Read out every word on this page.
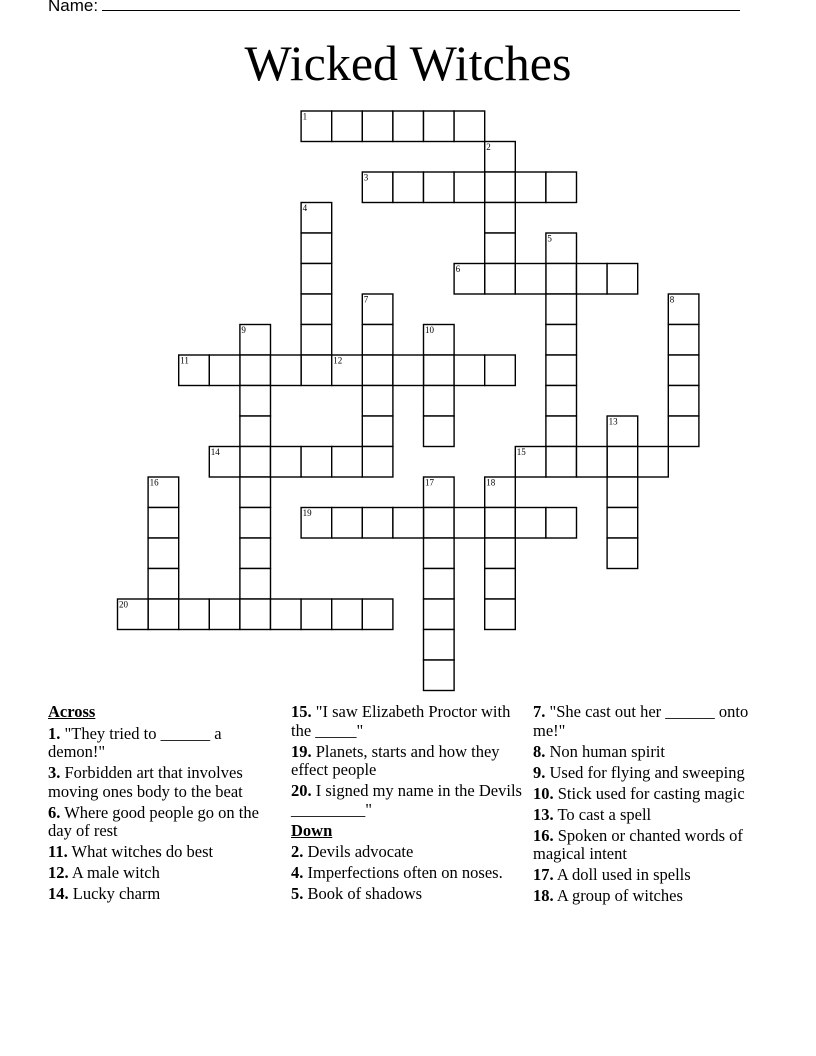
Name:
Wicked Witches
1
2
3
4
5
6
7	8
9	10
11	12
13
14	15
16	17	18
19
20
Across
1. "They tried to ______ a demon!"
3. Forbidden art that involves moving ones body to the beat
6. Where good people go on the day of rest
11. What witches do best
12. A male witch
14. Lucky charm
15. "I saw Elizabeth Proctor with the _____"
19. Planets, starts and how they effect people
20. I signed my name in the Devils _________"
Down
2. Devils advocate
4. Imperfections often on noses.
5. Book of shadows
7. "She cast out her ______ onto me!"
8. Non human spirit
9. Used for flying and sweeping
10. Stick used for casting magic
13. To cast a spell
16. Spoken or chanted words of magical intent
17. A doll used in spells
18. A group of witches
